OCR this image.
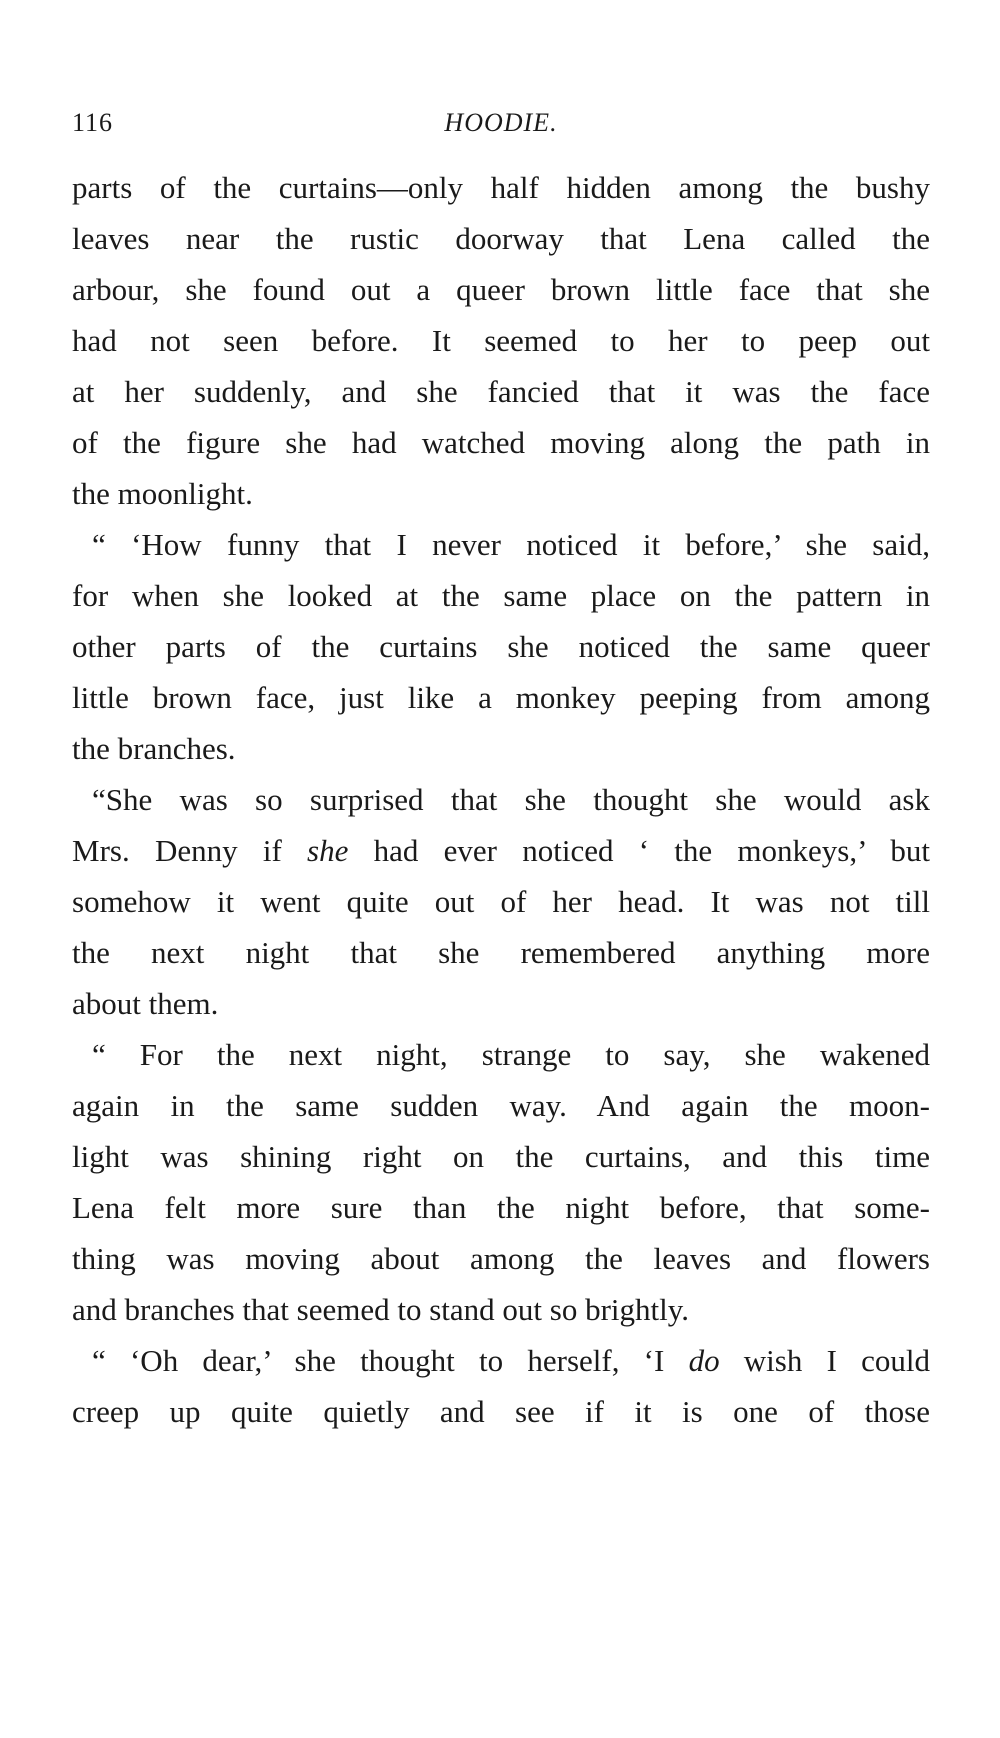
116	HOODIE.
parts of the curtains—only half hidden among the bushy
leaves near the rustic doorway that Lena called the
arbour, she found out a queer brown little face that she
had not seen before. It seemed to her to peep out
at her suddenly, and she fancied that it was the face
of the figure she had watched moving along the path in
the moonlight.
“ ‘How funny that I never noticed it before,’ she said,
for when she looked at the same place on the pattern in
other parts of the curtains she noticed the same queer
little brown face, just like a monkey peeping from among
the branches.
“She was so surprised that she thought she would ask
Mrs. Denny if she had ever noticed ‘ the monkeys,’ but
somehow it went quite out of her head. It was not till
the next night that she remembered anything more
about them.
“ For the next night, strange to say, she wakened
again in the same sudden way. And again the moon-
light was shining right on the curtains, and this time
Lena felt more sure than the night before, that some-
thing was moving about among the leaves and flowers
and branches that seemed to stand out so brightly.
“ ‘Oh dear,’ she thought to herself, ‘I do wish I could
creep up quite quietly and see if it is one of those
